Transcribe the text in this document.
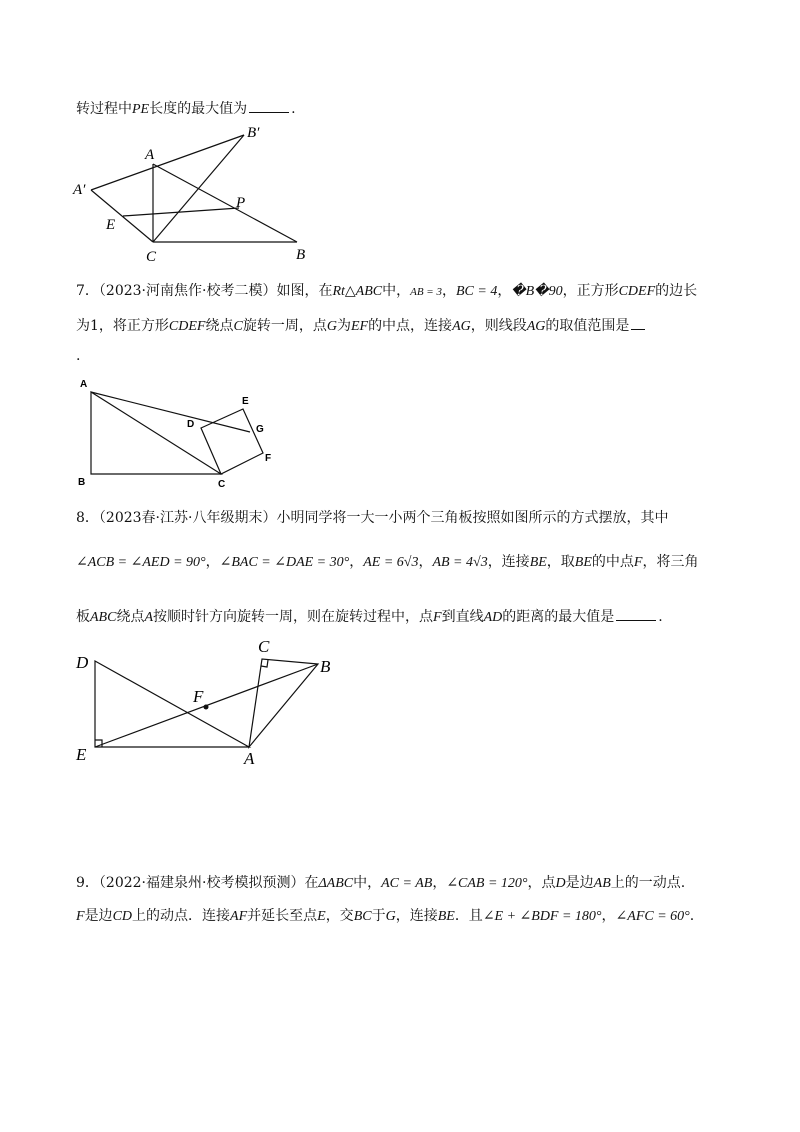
转过程中PE长度的最大值为	.
A
B′
A′
E
P
C	B
7．（2023·河南焦作·校考二模）如图，在Rt△ABC中，AB = 3，BC = 4，�B�90，正方形CDEF的边长
为1，将正方形CDEF绕点C旋转一周，点G为EF的中点，连接AG，则线段AG的取值范围是
.
A
E
D	G
F
B	C
8．（2023春·江苏·八年级期末）小明同学将一大一小两个三角板按照如图所示的方式摆放，其中
∠ACB = ∠AED = 90°，∠BAC = ∠DAE = 30°，AE = 6√3，AB = 4√3，连接BE，取BE的中点F，将三角
板ABC绕点A按顺时针方向旋转一周，则在旋转过程中，点F到直线AD的距离的最大值是	.
D
C
B
F
E	A
9．（2022·福建泉州·校考模拟预测）在ΔABC中，AC = AB，∠CAB = 120°，点D是边AB上的一动点.
F是边CD上的动点．连接AF并延长至点E，交BC于G，连接BE．且∠E + ∠BDF = 180°，∠AFC = 60°.
